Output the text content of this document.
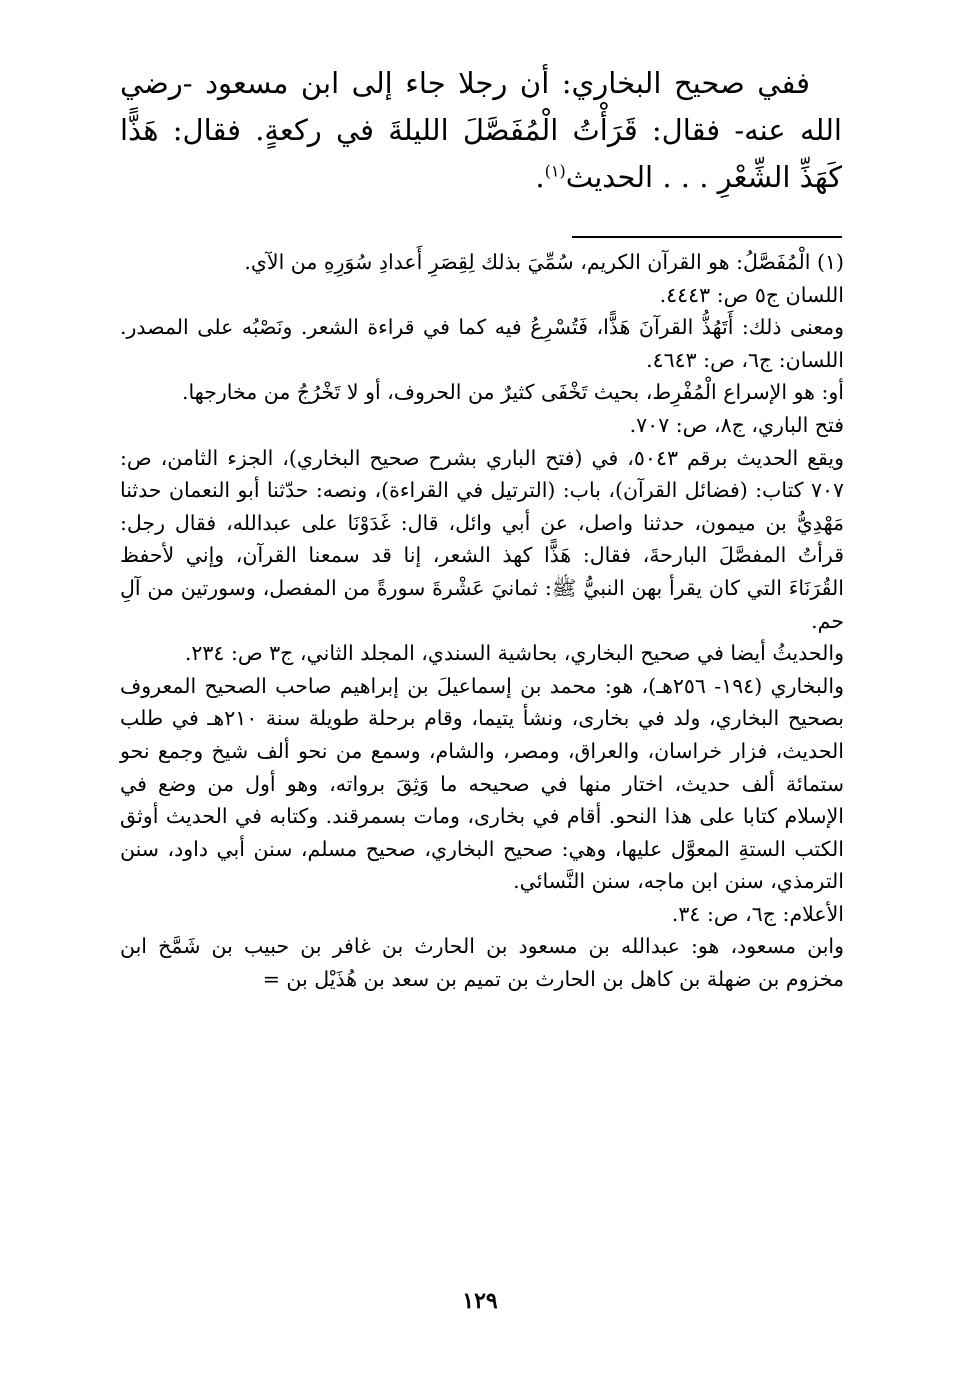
ففي صحيح البخاري: أن رجلا جاء إلى ابن مسعود -رضي الله عنه- فقال: قَرَأْتُ الْمُفَصَّلَ الليلةَ في ركعةٍ. فقال: هَذًّا كَهَذِّ الشِّعْرِ . . . الحديث$^{(١)}$.

(١) الْمُفَصَّلُ: هو القرآن الكريم، سُمِّيَ بذلك لِقِصَرِ أَعدادِ سُوَرِهِ من الآي.

اللسان ج٥ ص: ٤٤٤٣.

ومعنى ذلك: أَتَهُذُّ القرآنَ هَذًّا، فَتُسْرِعُ فيه كما في قراءة الشعر. ونَصْبُه على المصدر. اللسان: ج٦، ص: ٤٦٤٣.

أو: هو الإسراع الْمُفْرِط، بحيث تَخْفَى كثيرٌ من الحروف، أو لا تَخْرُجُ من مخارجها.

فتح الباري، ج٨، ص: ٧٠٧.

ويقع الحديث برقم ٥٠٤٣، في (فتح الباري بشرح صحيح البخاري)، الجزء الثامن، ص: ٧٠٧ كتاب: (فضائل القرآن)، باب: (الترتيل في القراءة)، ونصه: حدّثنا أبو النعمان حدثنا مَهْدِيُّ بن ميمون، حدثنا واصل، عن أبي وائل، قال: غَدَوْنَا على عبدالله، فقال رجل: قرأتُ المفصَّلَ البارحةَ، فقال: هَذًّا كهذ الشعر، إنا قد سمعنا القرآن، وإني لأحفظ القُرَنَاءَ التي كان يقرأ بهن النبيُّ ﷺ: ثمانيَ عَشْرةَ سورةً من المفصل، وسورتين من آلِ حم.

والحديثُ أيضا في صحيح البخاري، بحاشية السندي، المجلد الثاني، ج٣ ص: ٢٣٤.

والبخاري (١٩٤- ٢٥٦هـ)، هو: محمد بن إسماعيلَ بن إبراهيم صاحب الصحيح المعروف بصحيح البخاري، ولد في بخارى، ونشأ يتيما، وقام برحلة طويلة سنة ٢١٠هـ في طلب الحديث، فزار خراسان، والعراق، ومصر، والشام، وسمع من نحو ألف شيخ وجمع نحو ستمائة ألف حديث، اختار منها في صحيحه ما وَثِقَ برواته، وهو أول من وضع في الإسلام كتابا على هذا النحو. أقام في بخارى، ومات بسمرقند. وكتابه في الحديث أوثق الكتب الستةِ المعوَّل عليها، وهي: صحيح البخاري، صحيح مسلم، سنن أبي داود، سنن الترمذي، سنن ابن ماجه، سنن النَّسائي.

الأعلام: ج٦، ص: ٣٤.

وابن مسعود، هو: عبدالله بن مسعود بن الحارث بن غافر بن حبيب بن شَمَّخ ابن مخزوم بن ضهلة بن كاهل بن الحارث بن تميم بن سعد بن هُذَيْل بن =

١٢٩
